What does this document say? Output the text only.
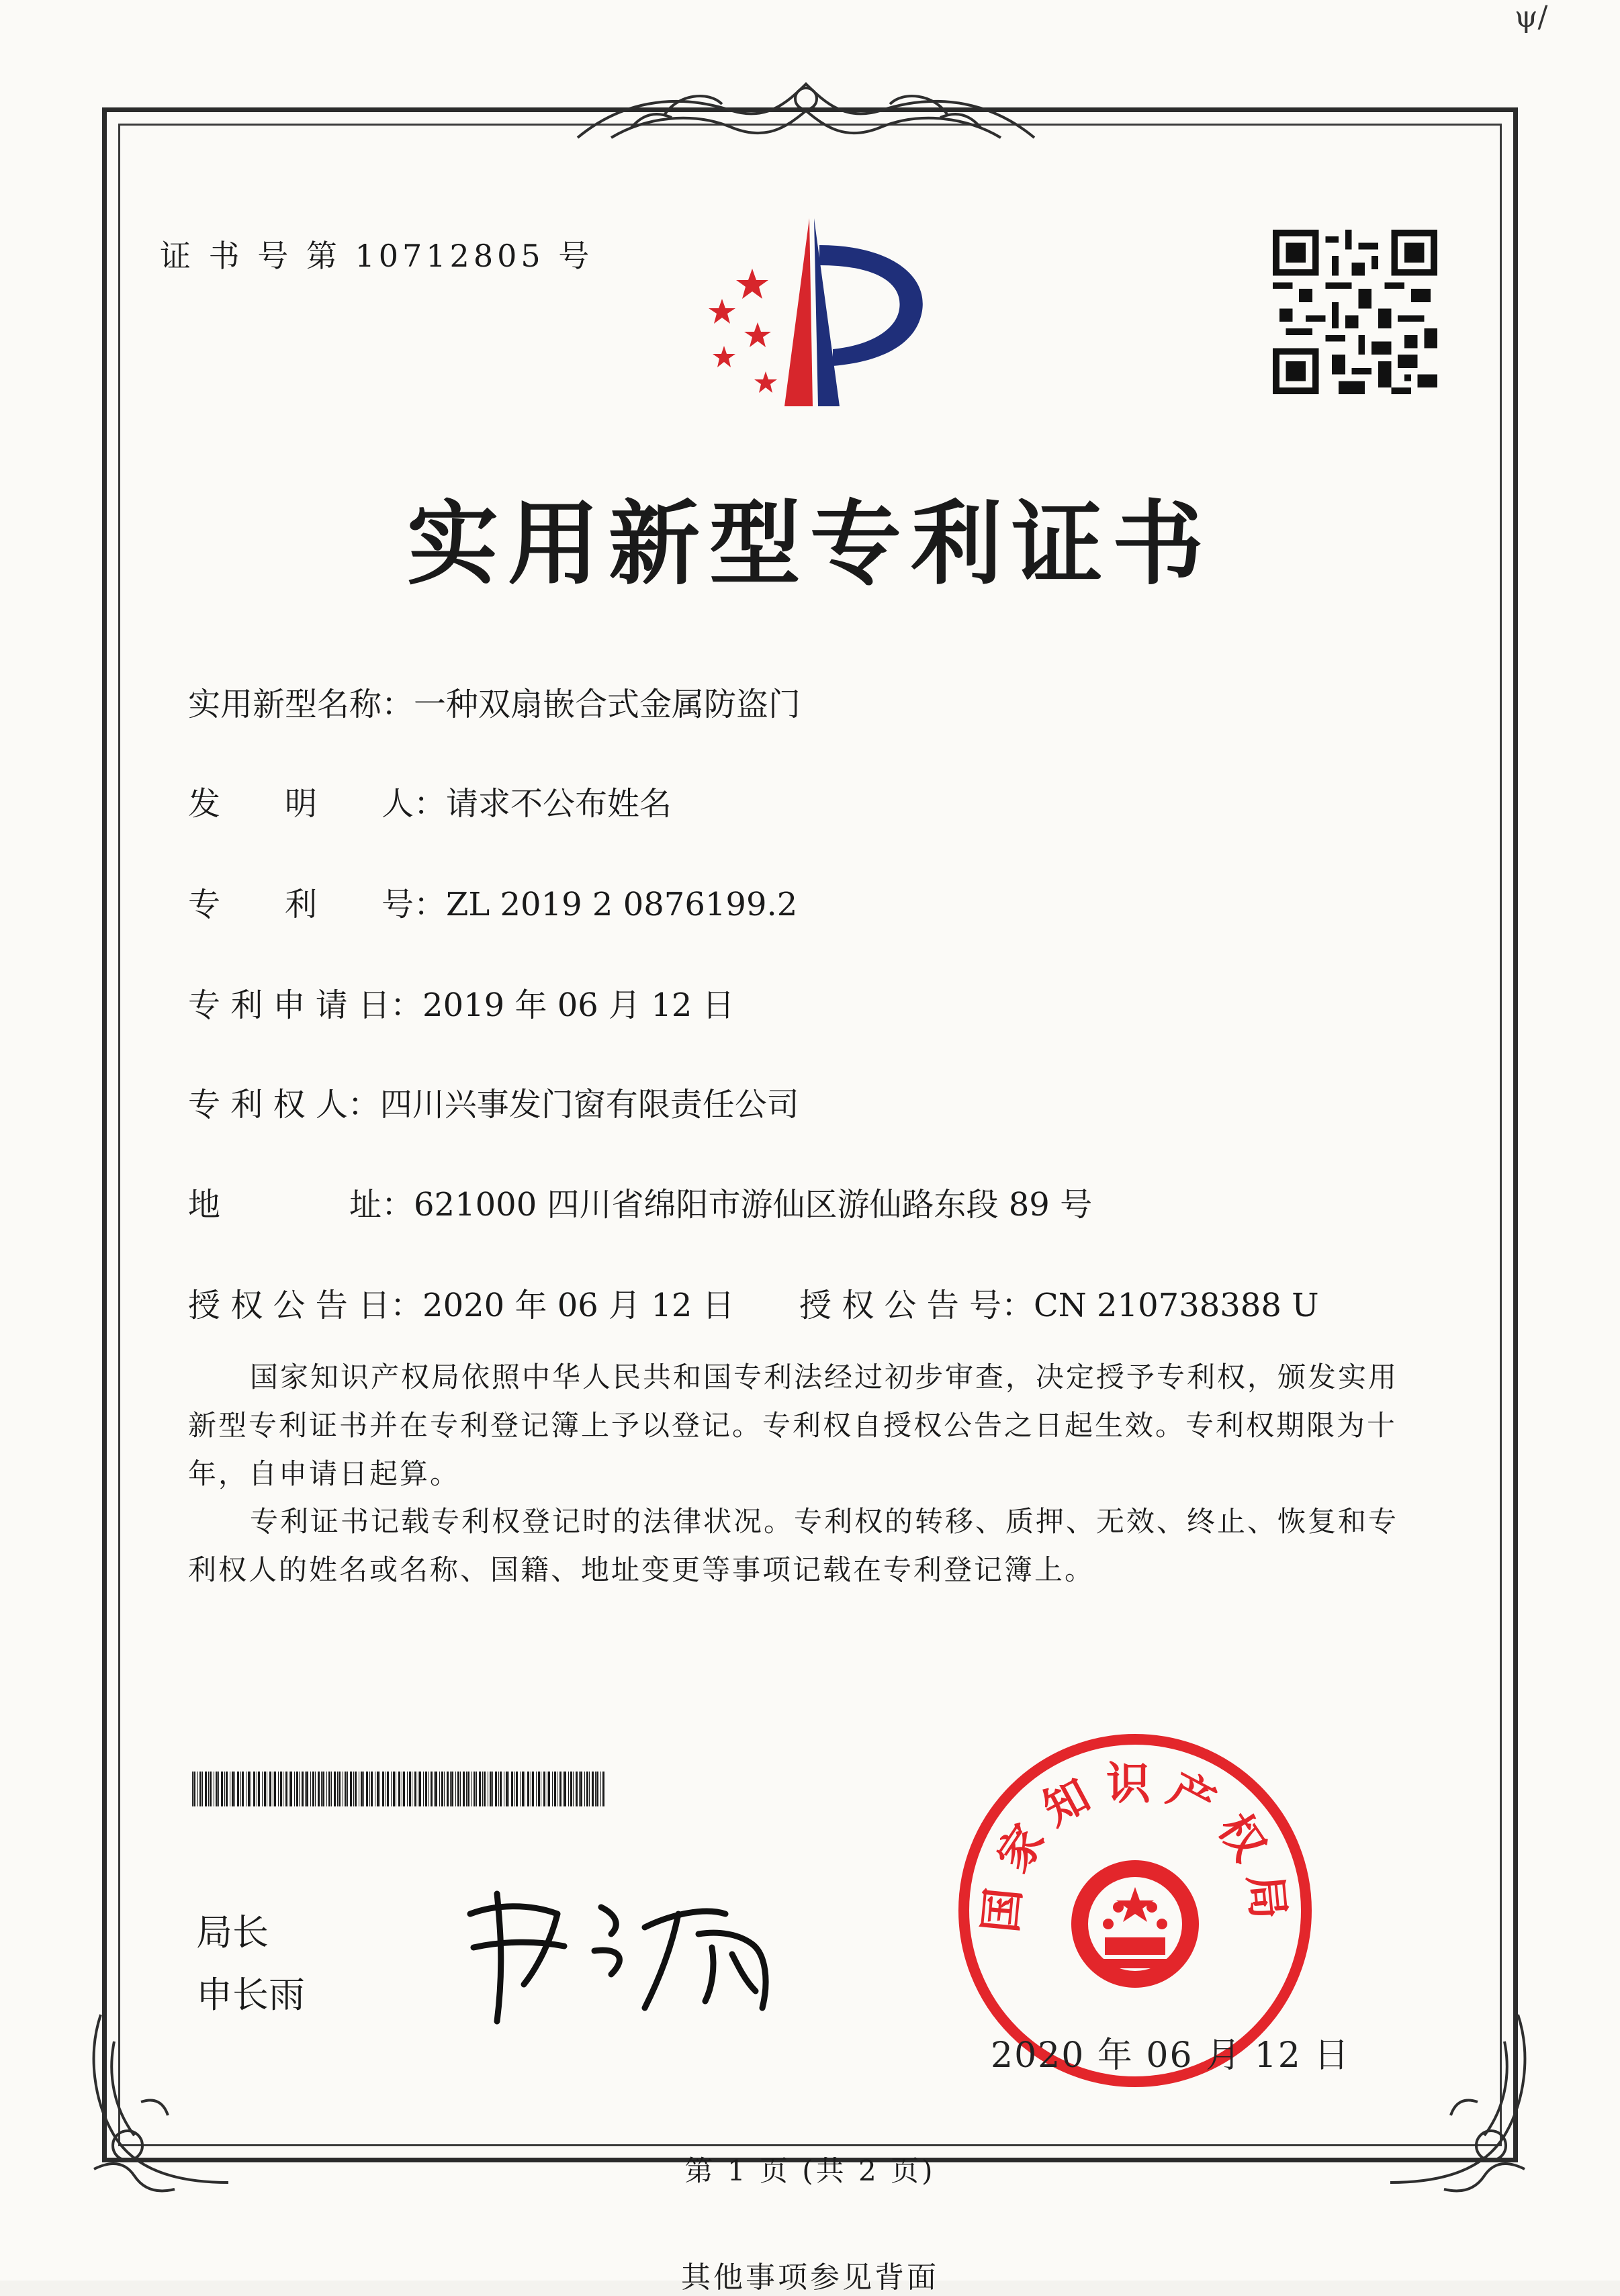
ψ/
证 书 号 第 10712805 号
实用新型专利证书
实用新型名称：一种双扇嵌合式金属防盗门
发　　明　　人：请求不公布姓名
专　　利　　号：ZL 2019 2 0876199.2
专 利 申 请 日：2019 年 06 月 12 日
专 利 权 人：四川兴事发门窗有限责任公司
地　　　　址：621000 四川省绵阳市游仙区游仙路东段 89 号
授 权 公 告 日：2020 年 06 月 12 日 授 权 公 告 号：CN 210738388 U
国家知识产权局依照中华人民共和国专利法经过初步审查，决定授予专利权，颁发实用新型专利证书并在专利登记簿上予以登记。专利权自授权公告之日起生效。专利权期限为十年，自申请日起算。
专利证书记载专利权登记时的法律状况。专利权的转移、质押、无效、终止、恢复和专利权人的姓名或名称、国籍、地址变更等事项记载在专利登记簿上。
局长
申长雨
国家知识产权局
2020 年 06 月 12 日
第 1 页 (共 2 页)
其他事项参见背面
